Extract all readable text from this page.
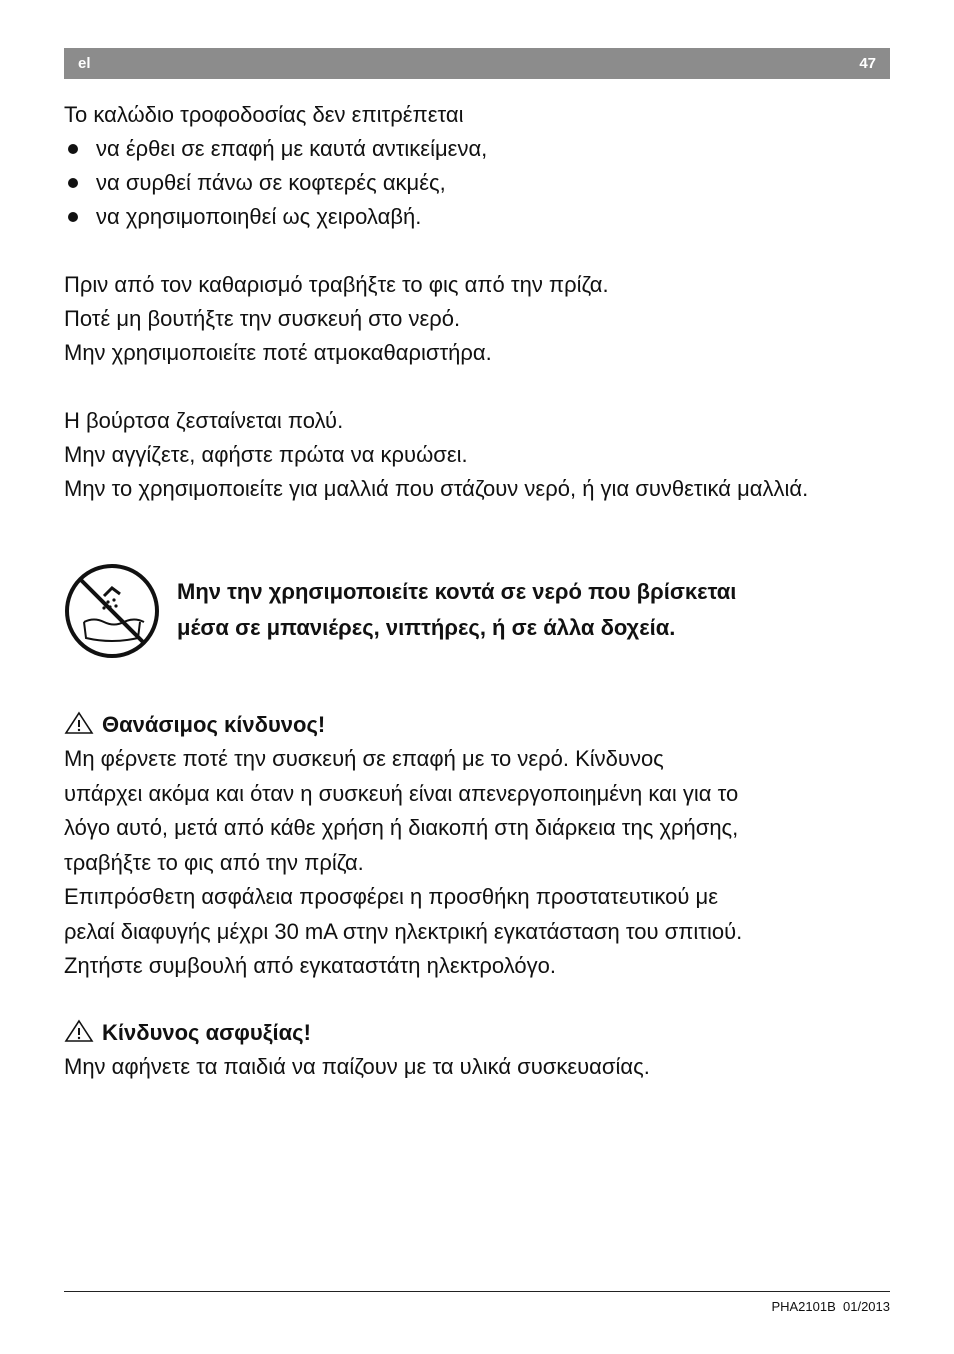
el	47

Το καλώδιο τροφοδοσίας δεν επιτρέπεται

να έρθει σε επαφή με καυτά αντικείμενα,

να συρθεί πάνω σε κοφτερές ακμές,

να χρησιμοποιηθεί ως χειρολαβή.

Πριν από τον καθαρισμό τραβήξτε το φις από την πρίζα.

Ποτέ μη βουτήξτε την συσκευή στο νερό.

Μην χρησιμοποιείτε ποτέ ατμοκαθαριστήρα.

Η βούρτσα ζεσταίνεται πολύ.

Μην αγγίζετε, αφήστε πρώτα να κρυώσει.

Μην το χρησιμοποιείτε για μαλλιά που στάζουν νερό, ή για συνθετικά μαλλιά.

Μην την χρησιμοποιείτε κοντά σε νερό που βρίσκεται
μέσα σε μπανιέρες, νιπτήρες, ή σε άλλα δοχεία.
Θανάσιμος κίνδυνος!

Μη φέρνετε ποτέ την συσκευή σε επαφή με το νερό. Κίνδυνος

υπάρχει ακόμα και όταν η συσκευή είναι απενεργοποιημένη και για το

λόγο αυτό, μετά από κάθε χρήση ή διακοπή στη διάρκεια της χρήσης,

τραβήξτε το φις από την πρίζα.

Επιπρόσθετη ασφάλεια προσφέρει η προσθήκη προστατευτικού με

ρελαί διαφυγής μέχρι 30 mA στην ηλεκτρική εγκατάσταση του σπιτιού.

Ζητήστε συμβουλή από εγκαταστάτη ηλεκτρολόγο.

Κίνδυνος ασφυξίας!

Μην αφήνετε τα παιδιά να παίζουν με τα υλικά συσκευασίας.

PHA2101B  01/2013
